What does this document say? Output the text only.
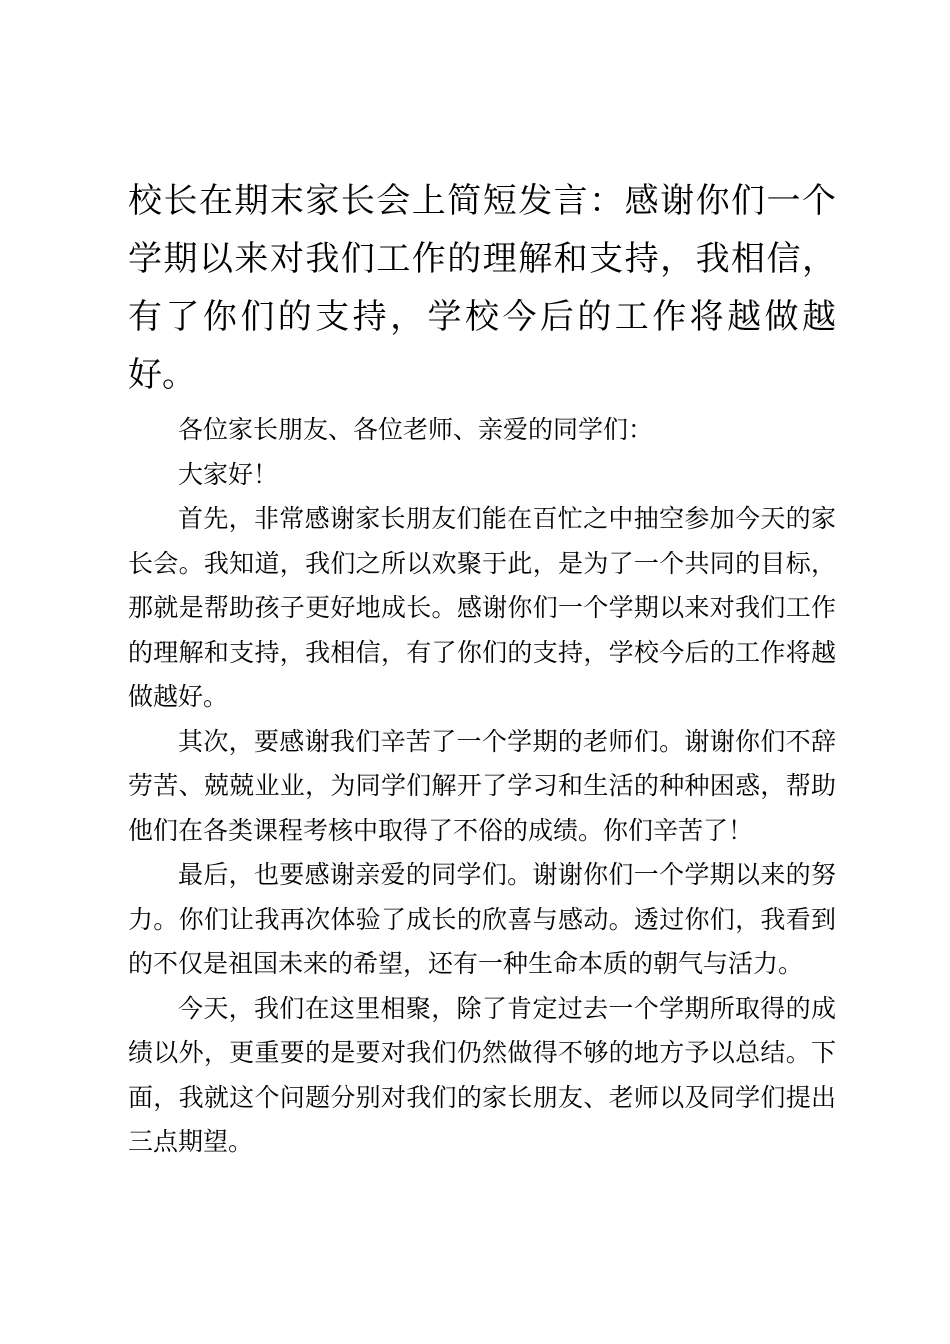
校长在期末家长会上简短发言：感谢你们一个学期以来对我们工作的理解和支持，我相信，有了你们的支持，学校今后的工作将越做越好。

各位家长朋友、各位老师、亲爱的同学们：

大家好！

首先，非常感谢家长朋友们能在百忙之中抽空参加今天的家长会。我知道，我们之所以欢聚于此，是为了一个共同的目标，那就是帮助孩子更好地成长。感谢你们一个学期以来对我们工作的理解和支持，我相信，有了你们的支持，学校今后的工作将越做越好。

其次，要感谢我们辛苦了一个学期的老师们。谢谢你们不辞劳苦、兢兢业业，为同学们解开了学习和生活的种种困惑，帮助他们在各类课程考核中取得了不俗的成绩。你们辛苦了！

最后，也要感谢亲爱的同学们。谢谢你们一个学期以来的努力。你们让我再次体验了成长的欣喜与感动。透过你们，我看到的不仅是祖国未来的希望，还有一种生命本质的朝气与活力。

今天，我们在这里相聚，除了肯定过去一个学期所取得的成绩以外，更重要的是要对我们仍然做得不够的地方予以总结。下面，我就这个问题分别对我们的家长朋友、老师以及同学们提出三点期望。
